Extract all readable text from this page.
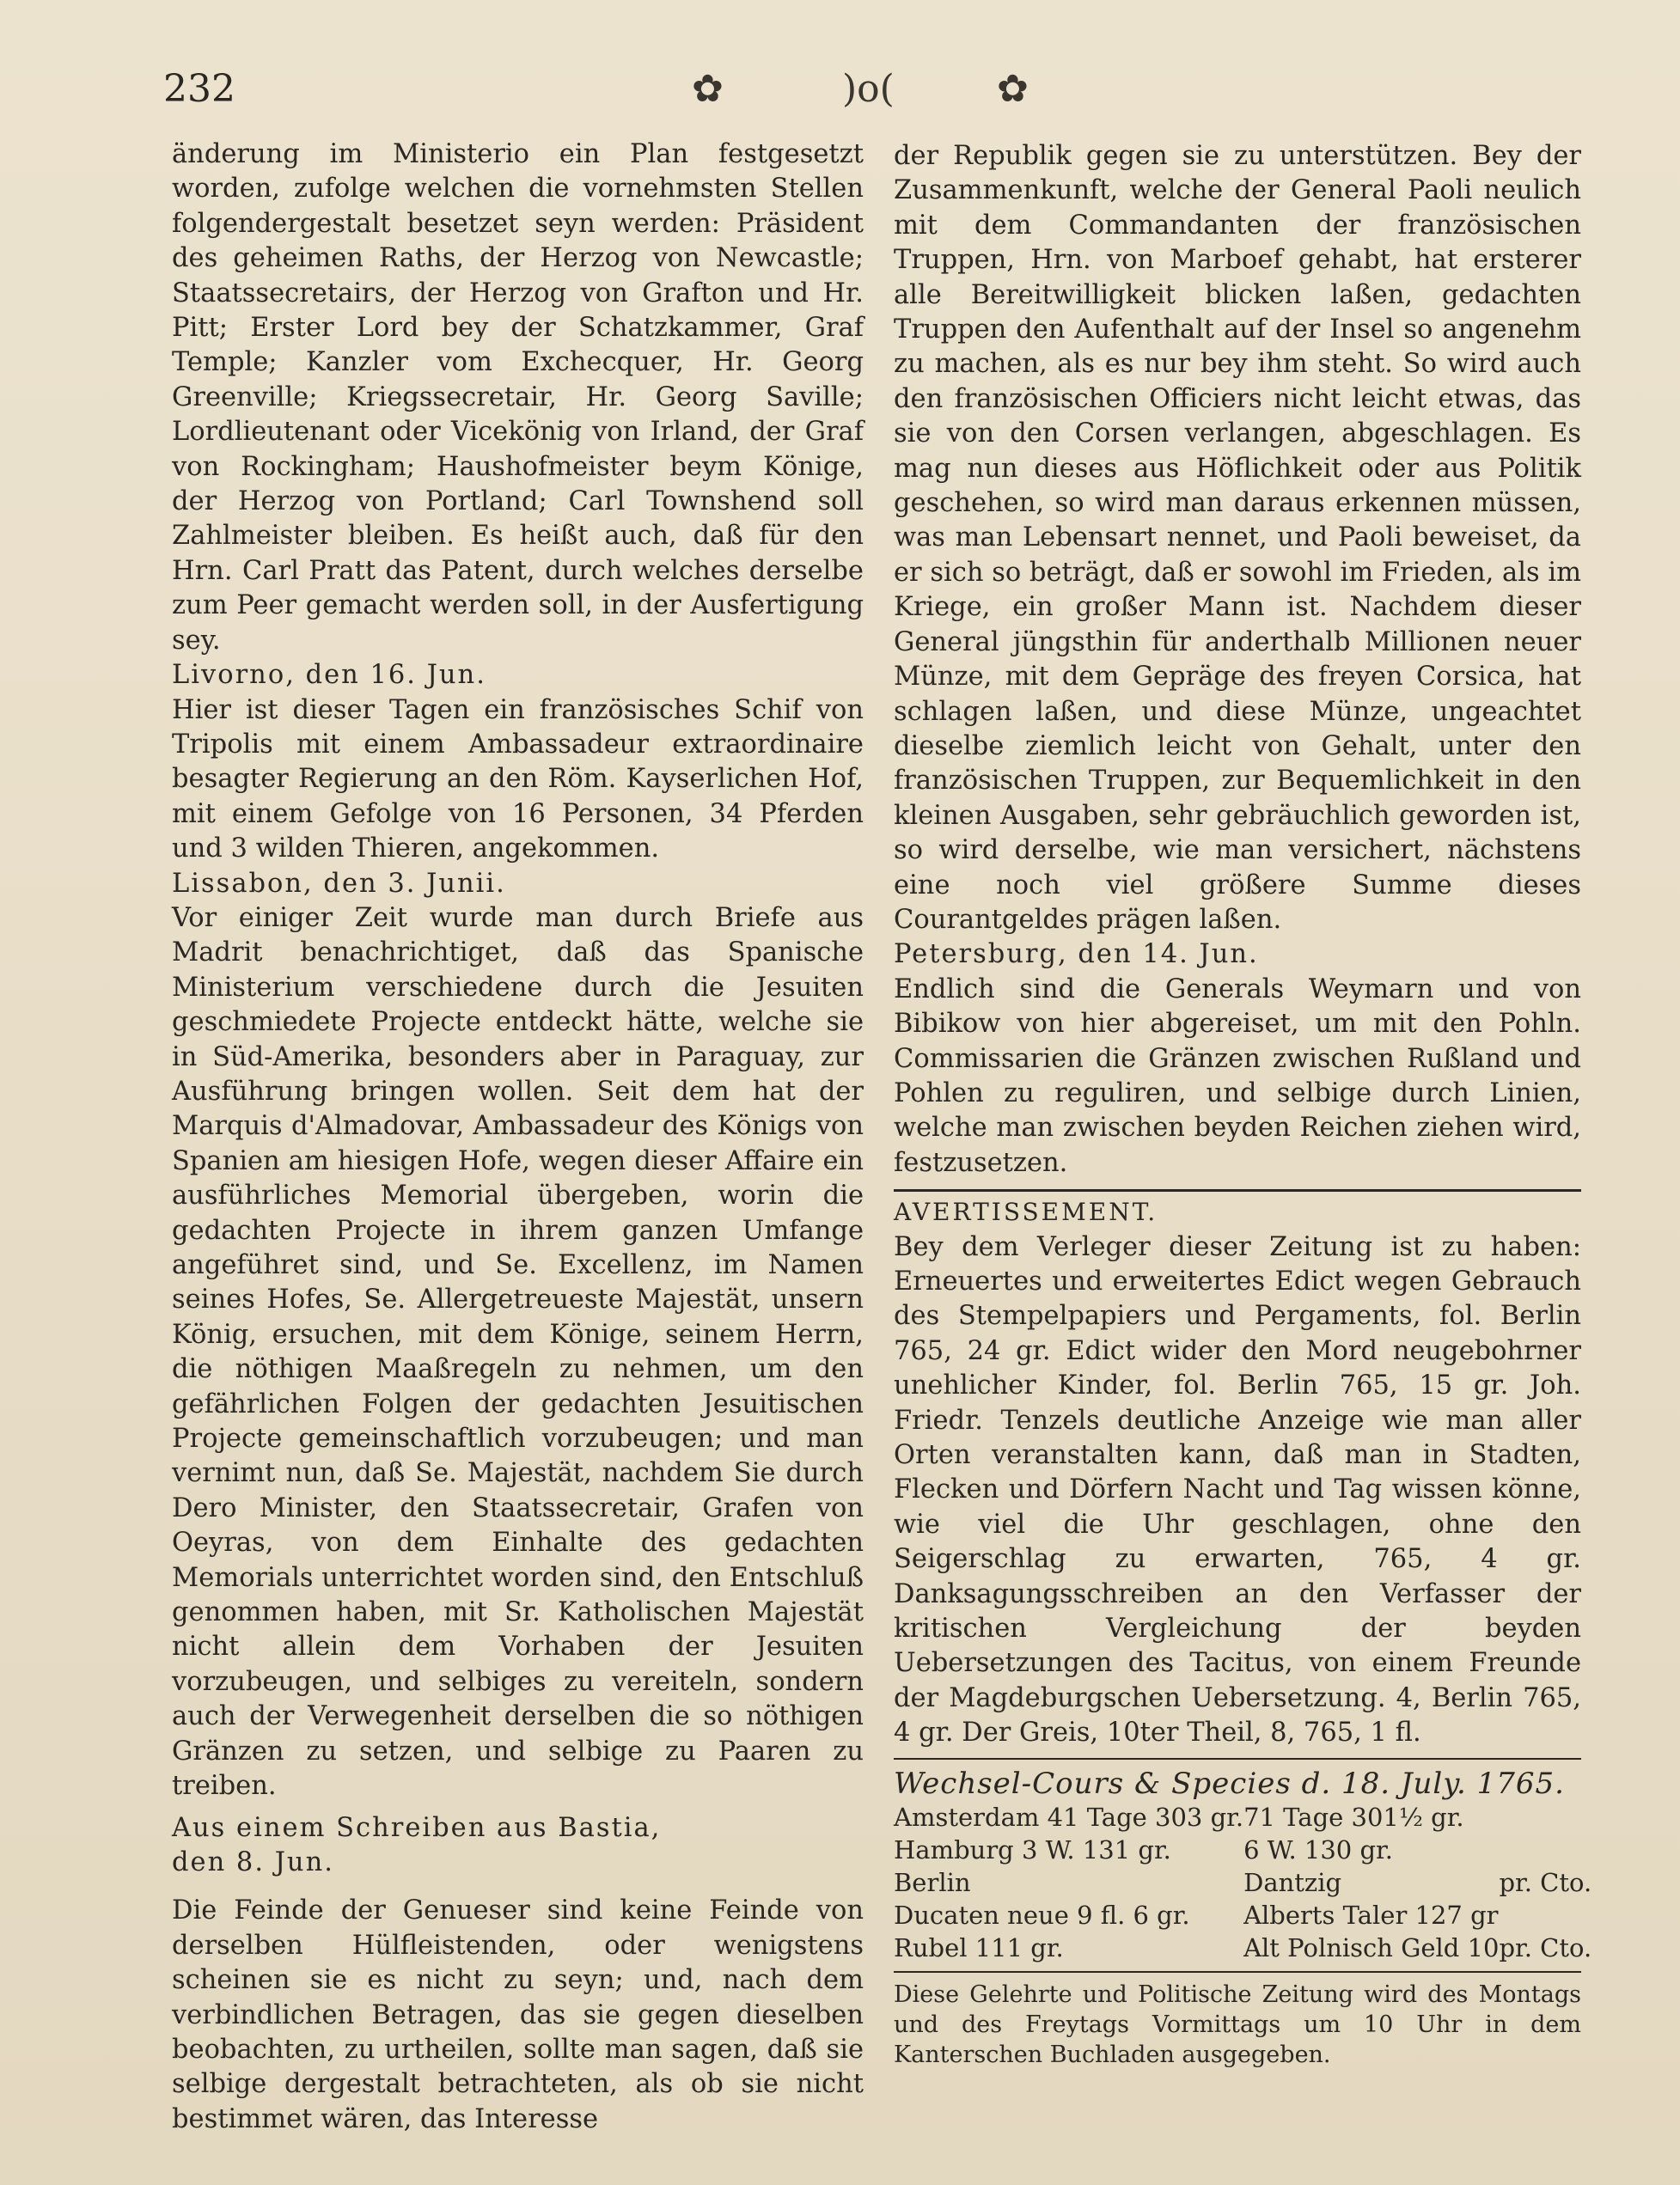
232	✿	)o(	✿

änderung im Ministerio ein Plan festgesetzt worden, zufolge welchen die vornehmsten Stellen folgendergestalt besetzet seyn werden: Präsident des geheimen Raths, der Herzog von Newcastle; Staatssecretairs, der Herzog von Grafton und Hr. Pitt; Erster Lord bey der Schatzkammer, Graf Temple; Kanzler vom Exchecquer, Hr. Georg Greenville; Kriegssecretair, Hr. Georg Saville; Lordlieutenant oder Vicekönig von Irland, der Graf von Rockingham; Haushofmeister beym Könige, der Herzog von Portland; Carl Townshend soll Zahlmeister bleiben. Es heißt auch, daß für den Hrn. Carl Pratt das Patent, durch welches derselbe zum Peer gemacht werden soll, in der Ausfertigung sey.

Livorno, den 16. Jun.

Hier ist dieser Tagen ein französisches Schif von Tripolis mit einem Ambassadeur extraordinaire besagter Regierung an den Röm. Kayserlichen Hof, mit einem Gefolge von 16 Personen, 34 Pferden und 3 wilden Thieren, angekommen.

Lissabon, den 3. Junii.

Vor einiger Zeit wurde man durch Briefe aus Madrit benachrichtiget, daß das Spanische Ministerium verschiedene durch die Jesuiten geschmiedete Projecte entdeckt hätte, welche sie in Süd-Amerika, besonders aber in Paraguay, zur Ausführung bringen wollen. Seit dem hat der Marquis d'Almadovar, Ambassadeur des Königs von Spanien am hiesigen Hofe, wegen dieser Affaire ein ausführliches Memorial übergeben, worin die gedachten Projecte in ihrem ganzen Umfange angeführet sind, und Se. Excellenz, im Namen seines Hofes, Se. Allergetreueste Majestät, unsern König, ersuchen, mit dem Könige, seinem Herrn, die nöthigen Maaßregeln zu nehmen, um den gefährlichen Folgen der gedachten Jesuitischen Projecte gemeinschaftlich vorzubeugen; und man vernimt nun, daß Se. Majestät, nachdem Sie durch Dero Minister, den Staatssecretair, Grafen von Oeyras, von dem Einhalte des gedachten Memorials unterrichtet worden sind, den Entschluß genommen haben, mit Sr. Katholischen Majestät nicht allein dem Vorhaben der Jesuiten vorzubeugen, und selbiges zu vereiteln, sondern auch der Verwegenheit derselben die so nöthigen Gränzen zu setzen, und selbige zu Paaren zu treiben.

Aus einem Schreiben aus Bastia,

den 8. Jun.

Die Feinde der Genueser sind keine Feinde von derselben Hülfleistenden, oder wenigstens scheinen sie es nicht zu seyn; und, nach dem verbindlichen Betragen, das sie gegen dieselben beobachten, zu urtheilen, sollte man sagen, daß sie selbige dergestalt betrachteten, als ob sie nicht bestimmet wären, das Interesse

der Republik gegen sie zu unterstützen. Bey der Zusammenkunft, welche der General Paoli neulich mit dem Commandanten der französischen Truppen, Hrn. von Marboef gehabt, hat ersterer alle Bereitwilligkeit blicken laßen, gedachten Truppen den Aufenthalt auf der Insel so angenehm zu machen, als es nur bey ihm steht. So wird auch den französischen Officiers nicht leicht etwas, das sie von den Corsen verlangen, abgeschlagen. Es mag nun dieses aus Höflichkeit oder aus Politik geschehen, so wird man daraus erkennen müssen, was man Lebensart nennet, und Paoli beweiset, da er sich so beträgt, daß er sowohl im Frieden, als im Kriege, ein großer Mann ist. Nachdem dieser General jüngsthin für anderthalb Millionen neuer Münze, mit dem Gepräge des freyen Corsica, hat schlagen laßen, und diese Münze, ungeachtet dieselbe ziemlich leicht von Gehalt, unter den französischen Truppen, zur Bequemlichkeit in den kleinen Ausgaben, sehr gebräuchlich geworden ist, so wird derselbe, wie man versichert, nächstens eine noch viel größere Summe dieses Courantgeldes prägen laßen.

Petersburg, den 14. Jun.

Endlich sind die Generals Weymarn und von Bibikow von hier abgereiset, um mit den Pohln. Commissarien die Gränzen zwischen Rußland und Pohlen zu reguliren, und selbige durch Linien, welche man zwischen beyden Reichen ziehen wird, festzusetzen.

AVERTISSEMENT.

Bey dem Verleger dieser Zeitung ist zu haben: Erneuertes und erweitertes Edict wegen Gebrauch des Stempelpapiers und Pergaments, fol. Berlin 765, 24 gr. Edict wider den Mord neugebohrner unehlicher Kinder, fol. Berlin 765, 15 gr. Joh. Friedr. Tenzels deutliche Anzeige wie man aller Orten veranstalten kann, daß man in Stadten, Flecken und Dörfern Nacht und Tag wissen könne, wie viel die Uhr geschlagen, ohne den Seigerschlag zu erwarten, 765, 4 gr. Danksagungsschreiben an den Verfasser der kritischen Vergleichung der beyden Uebersetzungen des Tacitus, von einem Freunde der Magdeburgschen Uebersetzung. 4, Berlin 765, 4 gr. Der Greis, 10ter Theil, 8, 765, 1 fl.

Wechsel-Cours & Species d. 18. July. 1765.

Amsterdam 41 Tage 303 gr.	71 Tage 301½ gr.	
Hamburg 3 W. 131 gr.	6 W. 130 gr.	
Berlin	Dantzig	pr. Cto.
Ducaten neue 9 fl. 6 gr.	Alberts Taler 127 gr	
Rubel 111 gr.	Alt Polnisch Geld 10pr. Cto.	

Diese Gelehrte und Politische Zeitung wird des Montags und des Freytags Vormittags um 10 Uhr in dem Kanterschen Buchladen ausgegeben.
